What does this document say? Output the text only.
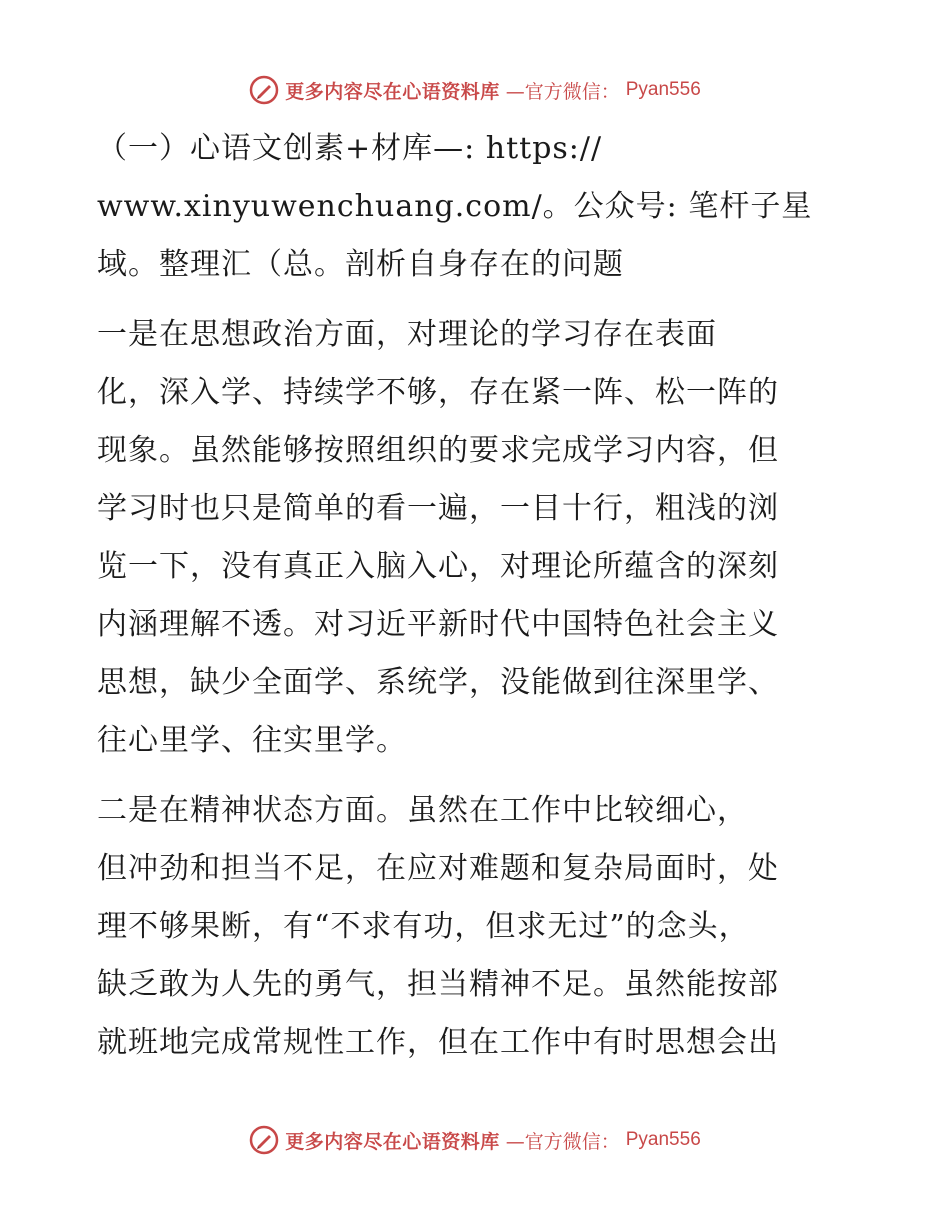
更多内容尽在心语资料库 —官方微信： Pyan556
（一）心语文创素+材库—: https://
www.xinyuwenchuang.com/。公众号: 笔杆子星
域。整理汇（总。剖析自身存在的问题
一是在思想政治方面，对理论的学习存在表面
化，深入学、持续学不够，存在紧一阵、松一阵的
现象。虽然能够按照组织的要求完成学习内容，但
学习时也只是简单的看一遍，一目十行，粗浅的浏
览一下，没有真正入脑入心，对理论所蕴含的深刻
内涵理解不透。对习近平新时代中国特色社会主义
思想，缺少全面学、系统学，没能做到往深里学、
往心里学、往实里学。
二是在精神状态方面。虽然在工作中比较细心，
但冲劲和担当不足，在应对难题和复杂局面时，处
理不够果断，有“不求有功，但求无过”的念头，
缺乏敢为人先的勇气，担当精神不足。虽然能按部
就班地完成常规性工作，但在工作中有时思想会出
更多内容尽在心语资料库 —官方微信： Pyan556
